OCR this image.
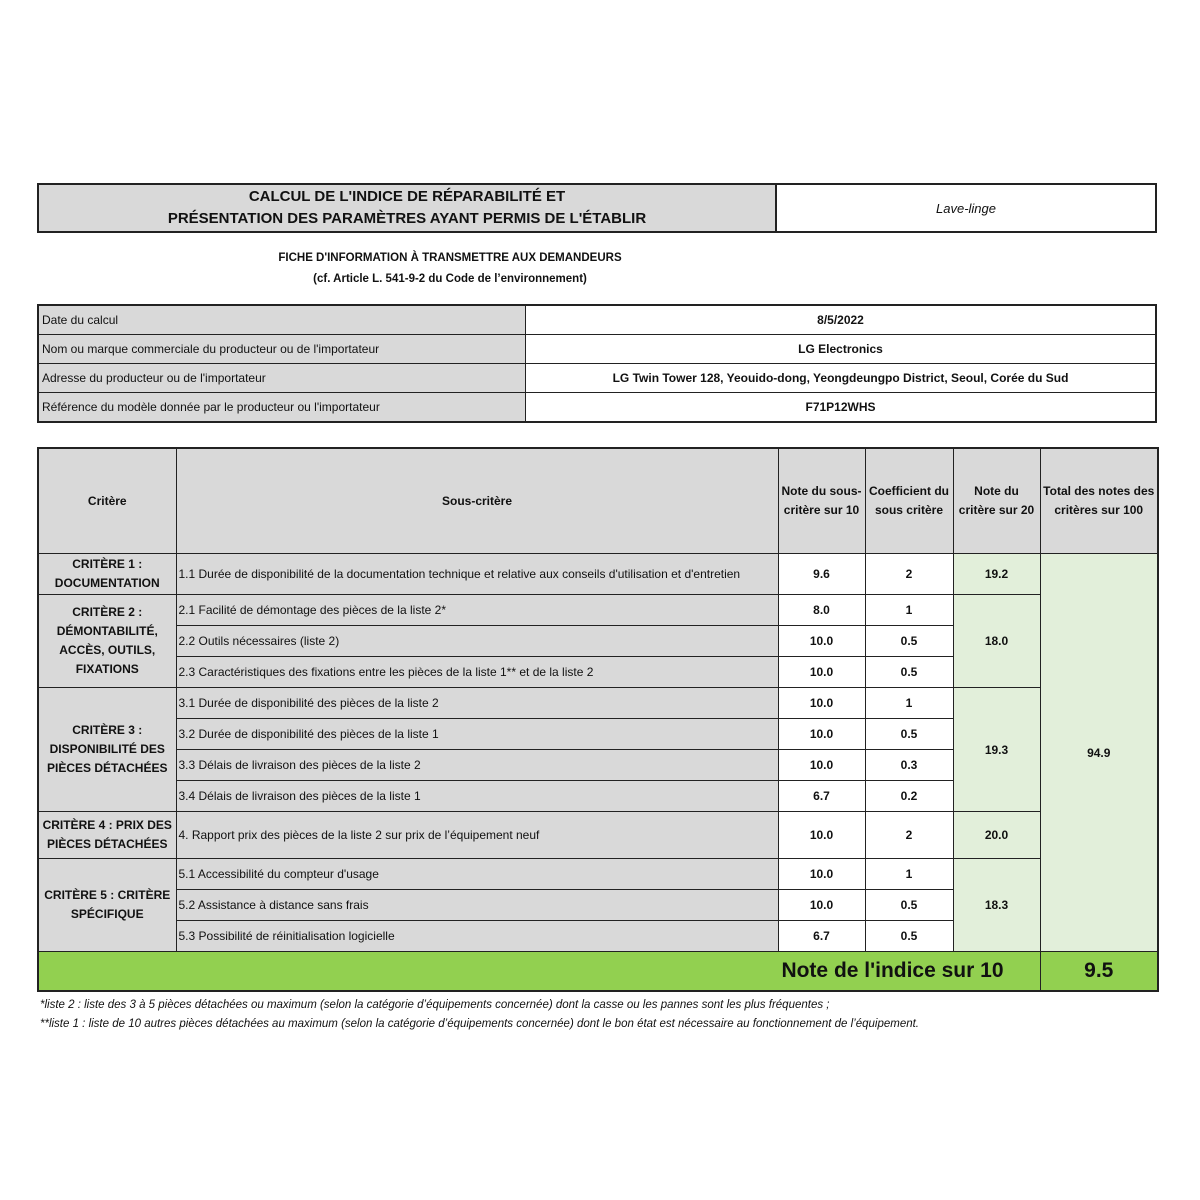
CALCUL DE L'INDICE DE RÉPARABILITÉ ET
PRÉSENTATION DES PARAMÈTRES AYANT PERMIS DE L'ÉTABLIR
Lave-linge
FICHE D'INFORMATION À TRANSMETTRE AUX DEMANDEURS
(cf. Article L. 541-9-2 du Code de l’environnement)
Date du calcul	8/5/2022
Nom ou marque commerciale du producteur ou de l'importateur	LG Electronics
Adresse du producteur ou de l'importateur	LG Twin Tower 128, Yeouido-dong, Yeongdeungpo District, Seoul, Corée du Sud
Référence du modèle donnée par le producteur ou l'importateur	F71P12WHS
Critère	Sous-critère	Note du sous-critère sur 10	Coefficient du sous critère	Note du critère sur 20	Total des notes des critères sur 100
CRITÈRE 1 : DOCUMENTATION	1.1 Durée de disponibilité de la documentation technique et relative aux conseils d'utilisation et d'entretien	9.6	2	19.2	94.9
CRITÈRE 2 : DÉMONTABILITÉ, ACCÈS, OUTILS, FIXATIONS	2.1 Facilité de démontage des pièces de la liste 2*	8.0	1	18.0	
	2.2 Outils nécessaires (liste 2)	10.0	0.5		
	2.3 Caractéristiques des fixations entre les pièces de la liste 1** et de la liste 2	10.0	0.5		
CRITÈRE 3 : DISPONIBILITÉ DES PIÈCES DÉTACHÉES	3.1 Durée de disponibilité des pièces de la liste 2	10.0	1	19.3	
	3.2 Durée de disponibilité des pièces de la liste 1	10.0	0.5		
	3.3 Délais de livraison des pièces de la liste 2	10.0	0.3		
	3.4 Délais de livraison des pièces de la liste 1	6.7	0.2		
CRITÈRE 4 : PRIX DES PIÈCES DÉTACHÉES	4. Rapport prix des pièces de la liste 2 sur prix de l’équipement neuf	10.0	2	20.0	
CRITÈRE 5 : CRITÈRE SPÉCIFIQUE	5.1 Accessibilité du compteur d'usage	10.0	1	18.3	
	5.2 Assistance à distance sans frais	10.0	0.5		
	5.3 Possibilité de réinitialisation logicielle	6.7	0.5		
Note de l'indice sur 10					9.5
*liste 2 : liste des 3 à 5 pièces détachées ou maximum (selon la catégorie d’équipements concernée) dont la casse ou les pannes sont les plus fréquentes ;
**liste 1 : liste de 10 autres pièces détachées au maximum (selon la catégorie d’équipements concernée) dont le bon état est nécessaire au fonctionnement de l’équipement.
